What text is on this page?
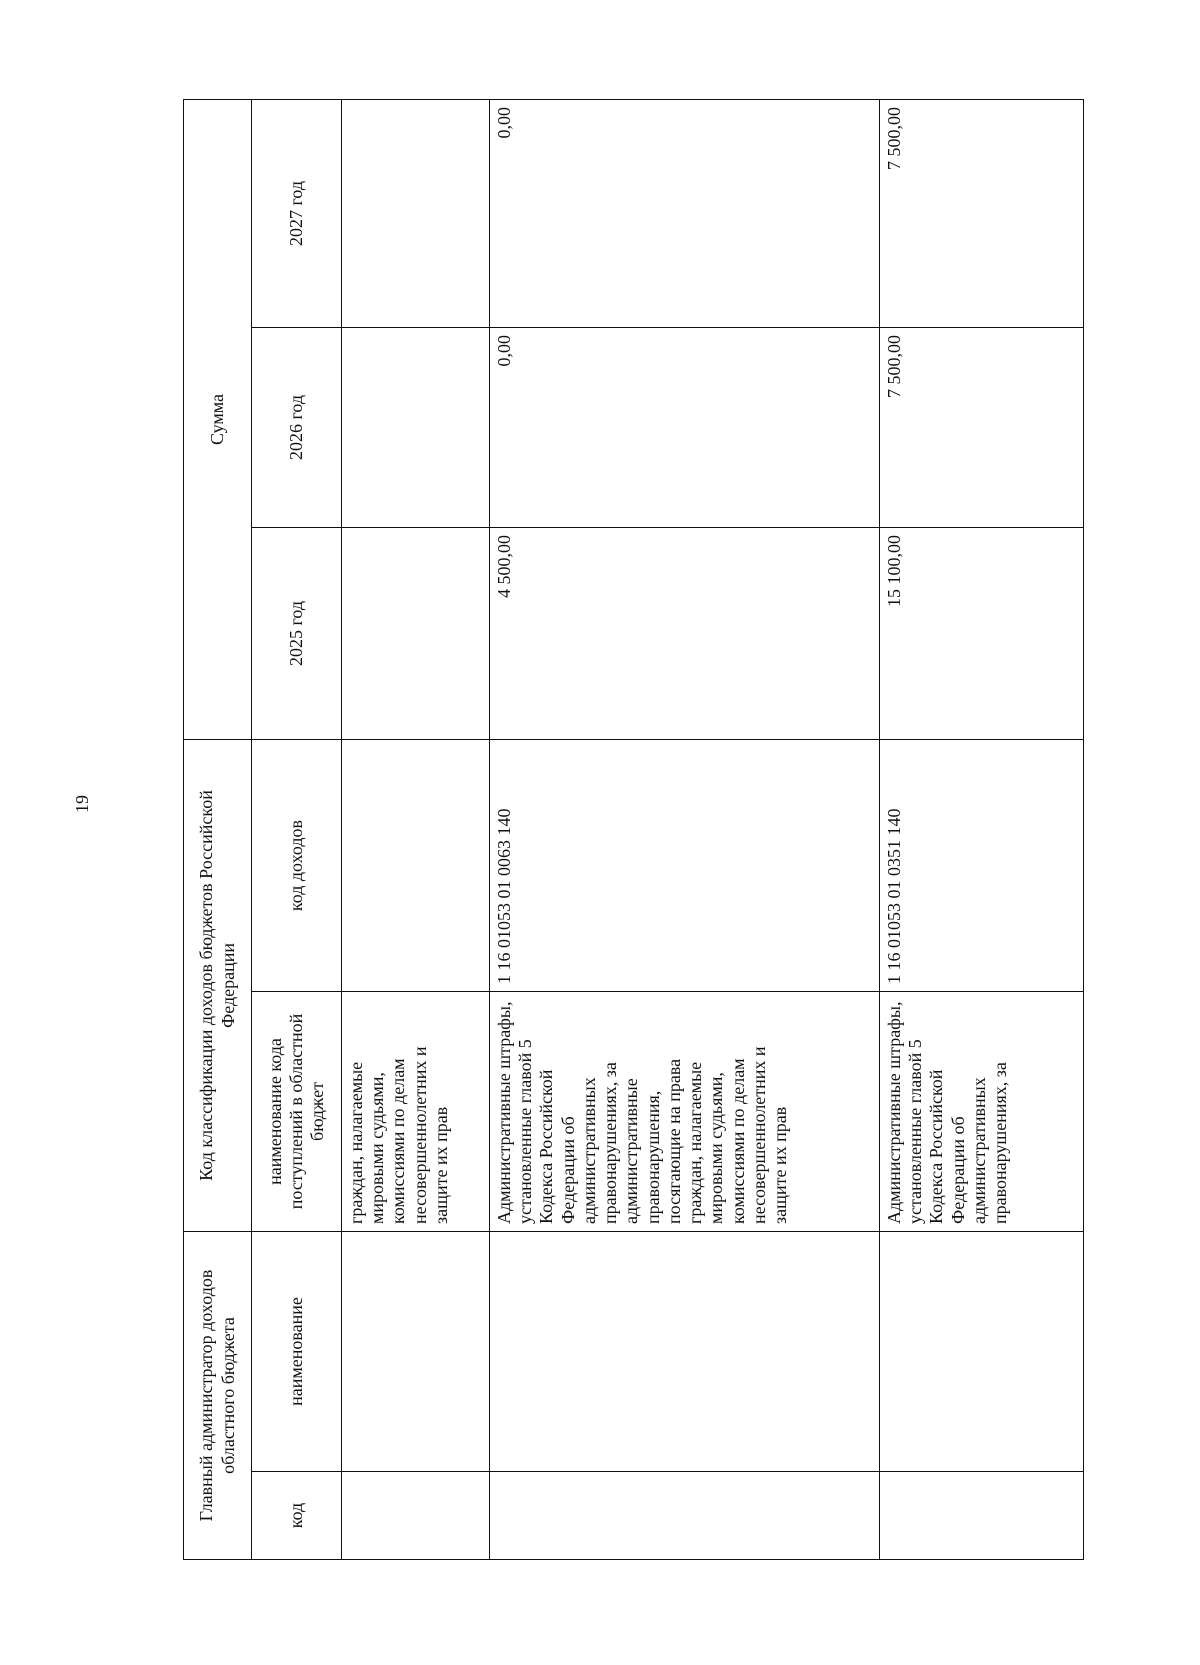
19
Главный администратор доходов областного бюджета		Код классификации доходов бюджетов Российской Федерации		Сумма		
код	наименование	наименование кода поступлений в областной бюджет	код доходов	2025 год	2026 год	2027 год
		граждан, налагаемые мировыми судьями, комиссиями по делам несовершеннолетних и защите их прав				
		Административные штрафы, установленные главой 5 Кодекса Российской Федерации об административных правонарушениях, за административные правонарушения, посягающие на права граждан, налагаемые мировыми судьями, комиссиями по делам несовершеннолетних и защите их прав	1 16 01053 01 0063 140	4 500,00	0,00	0,00
		Административные штрафы, установленные главой 5 Кодекса Российской Федерации об административных правонарушениях, за	1 16 01053 01 0351 140	15 100,00	7 500,00	7 500,00
